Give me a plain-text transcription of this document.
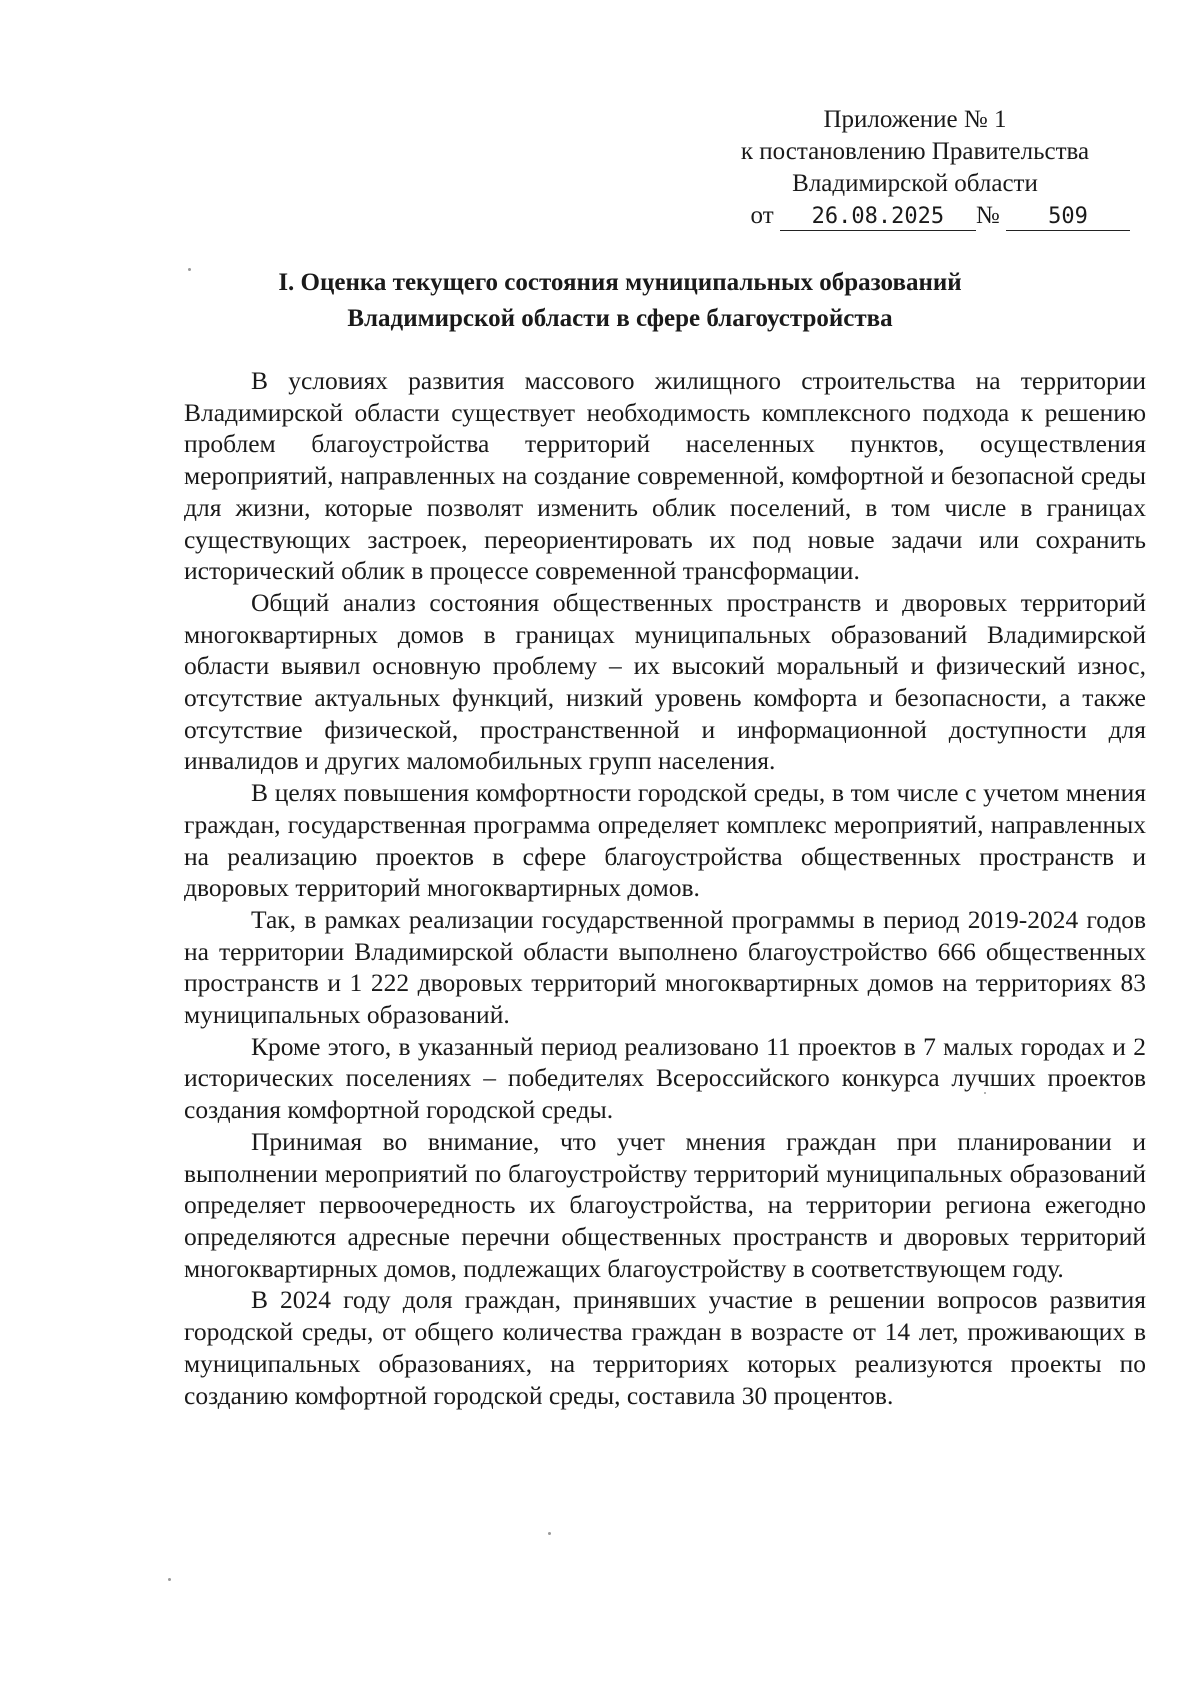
Приложение № 1
к постановлению Правительства
Владимирской области
от 26.08.2025 № 509
I. Оценка текущего состояния муниципальных образований
Владимирской области в сфере благоустройства

В условиях развития массового жилищного строительства на территории Владимирской области существует необходимость комплексного подхода к решению проблем благоустройства территорий населенных пунктов, осуществления мероприятий, направленных на создание современной, комфортной и безопасной среды для жизни, которые позволят изменить облик поселений, в том числе в границах существующих застроек, переориентировать их под новые задачи или сохранить исторический облик в процессе современной трансформации.

Общий анализ состояния общественных пространств и дворовых территорий многоквартирных домов в границах муниципальных образований Владимирской области выявил основную проблему – их высокий моральный и физический износ, отсутствие актуальных функций, низкий уровень комфорта и безопасности, а также отсутствие физической, пространственной и информационной доступности для инвалидов и других маломобильных групп населения.

В целях повышения комфортности городской среды, в том числе с учетом мнения граждан, государственная программа определяет комплекс мероприятий, направленных на реализацию проектов в сфере благоустройства общественных пространств и дворовых территорий многоквартирных домов.

Так, в рамках реализации государственной программы в период 2019-2024 годов на территории Владимирской области выполнено благоустройство 666 общественных пространств и 1 222 дворовых территорий многоквартирных домов на территориях 83 муниципальных образований.

Кроме этого, в указанный период реализовано 11 проектов в 7 малых городах и 2 исторических поселениях – победителях Всероссийского конкурса лучших проектов создания комфортной городской среды.

Принимая во внимание, что учет мнения граждан при планировании и выполнении мероприятий по благоустройству территорий муниципальных образований определяет первоочередность их благоустройства, на территории региона ежегодно определяются адресные перечни общественных пространств и дворовых территорий многоквартирных домов, подлежащих благоустройству в соответствующем году.

В 2024 году доля граждан, принявших участие в решении вопросов развития городской среды, от общего количества граждан в возрасте от 14 лет, проживающих в муниципальных образованиях, на территориях которых реализуются проекты по созданию комфортной городской среды, составила 30 процентов.
